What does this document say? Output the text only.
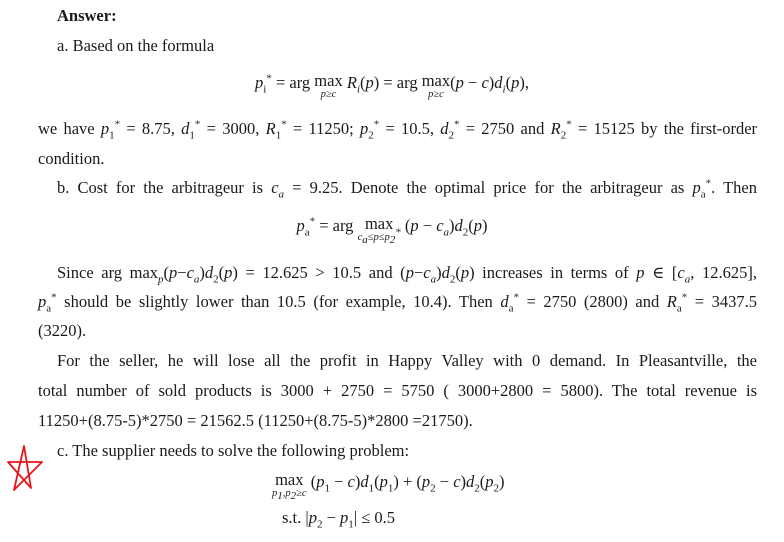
Answer:
a. Based on the formula
$p_i^*$ = arg max
p≥c
$R_i(p)$ = arg max
p≥c
$(p - c)d_i(p)$,
we have $p_1^* = 8.75$, $d_1^* = 3000$, $R_1^* = 11250$; $p_2^* = 10.5$, $d_2^* = 2750$ and $R_2^* = 15125$ by the first-order
condition.
b. Cost for the arbitrageur is $c_a = 9.25$. Denote the optimal price for the arbitrageur as $p_a^*$. Then
$p_a^*$ = arg max
$c_a\le p\le p_2^*$ $(p - c_a)d_2(p)$
Since arg $\max_p(p-c_a)d_2(p) = 12.625 > 10.5$ and $(p-c_a)d_2(p)$ increases in terms of p ∈ [$c_a$, 12.625],
$p_a^*$ should be slightly lower than 10.5 (for example, 10.4). Then $d_a^* = 2750$ (2800) and $R_a^* = 3437.5$
(3220).
For the seller, he will lose all the profit in Happy Valley with 0 demand. In Pleasantville, the
total number of sold products is 3000 + 2750 = 5750 ( 3000+2800 = 5800). The total revenue is
11250+(8.75-5)*2750 = 21562.5 (11250+(8.75-5)*2800 =21750).
c. The supplier needs to solve the following problem:
max
$p_1,p_2\ge c$
$(p_1 - c)d_1(p_1) + (p_2 - c)d_2(p_2)$
s.t. $|p_2 - p_1| \le 0.5$
